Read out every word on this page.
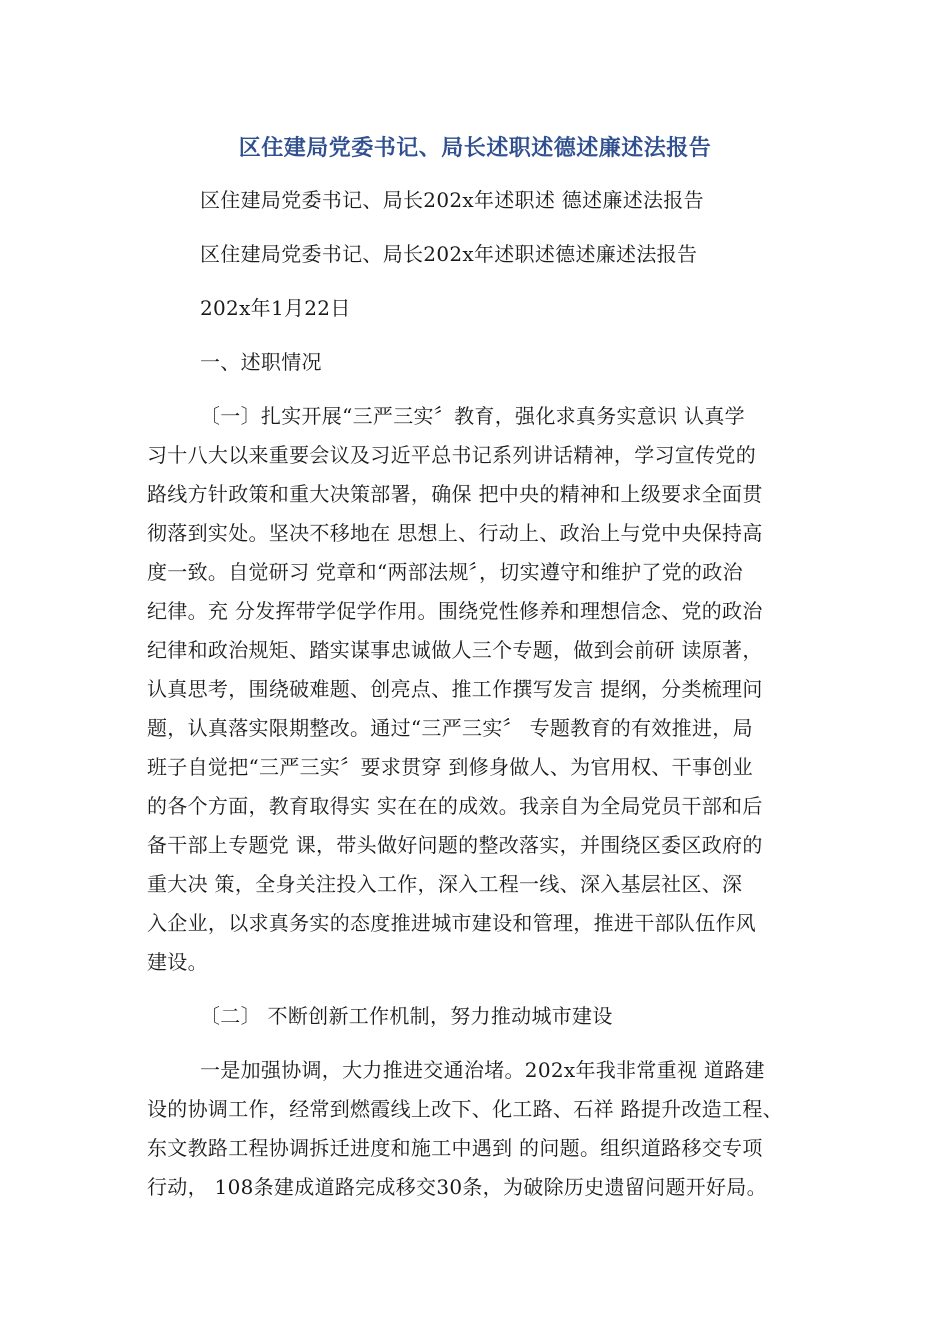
区住建局党委书记、局长述职述德述廉述法报告
区住建局党委书记、局长202x年述职述 德述廉述法报告
区住建局党委书记、局长202x年述职述德述廉述法报告
202x年1月22日
一、述职情况
〔一〕扎实开展“三严三实〞教育，强化求真务实意识 认真学
习十八大以来重要会议及习近平总书记系列讲话精神，学习宣传党的
路线方针政策和重大决策部署，确保 把中央的精神和上级要求全面贯
彻落到实处。坚决不移地在 思想上、行动上、政治上与党中央保持高
度一致。自觉研习 党章和“两部法规〞，切实遵守和维护了党的政治
纪律。充 分发挥带学促学作用。围绕党性修养和理想信念、党的政治
纪律和政治规矩、踏实谋事忠诚做人三个专题，做到会前研 读原著，
认真思考，围绕破难题、创亮点、推工作撰写发言 提纲，分类梳理问
题，认真落实限期整改。通过“三严三实〞 专题教育的有效推进，局
班子自觉把“三严三实〞要求贯穿 到修身做人、为官用权、干事创业
的各个方面，教育取得实 实在在的成效。我亲自为全局党员干部和后
备干部上专题党 课，带头做好问题的整改落实，并围绕区委区政府的
重大决 策，全身关注投入工作，深入工程一线、深入基层社区、深
入企业，以求真务实的态度推进城市建设和管理，推进干部队伍作风
建设。
〔二〕 不断创新工作机制，努力推动城市建设
一是加强协调，大力推进交通治堵。202x年我非常重视 道路建
设的协调工作，经常到燃霞线上改下、化工路、石祥 路提升改造工程、
东文教路工程协调拆迁进度和施工中遇到 的问题。组织道路移交专项
行动， 108条建成道路完成移交30条，为破除历史遗留问题开好局。
